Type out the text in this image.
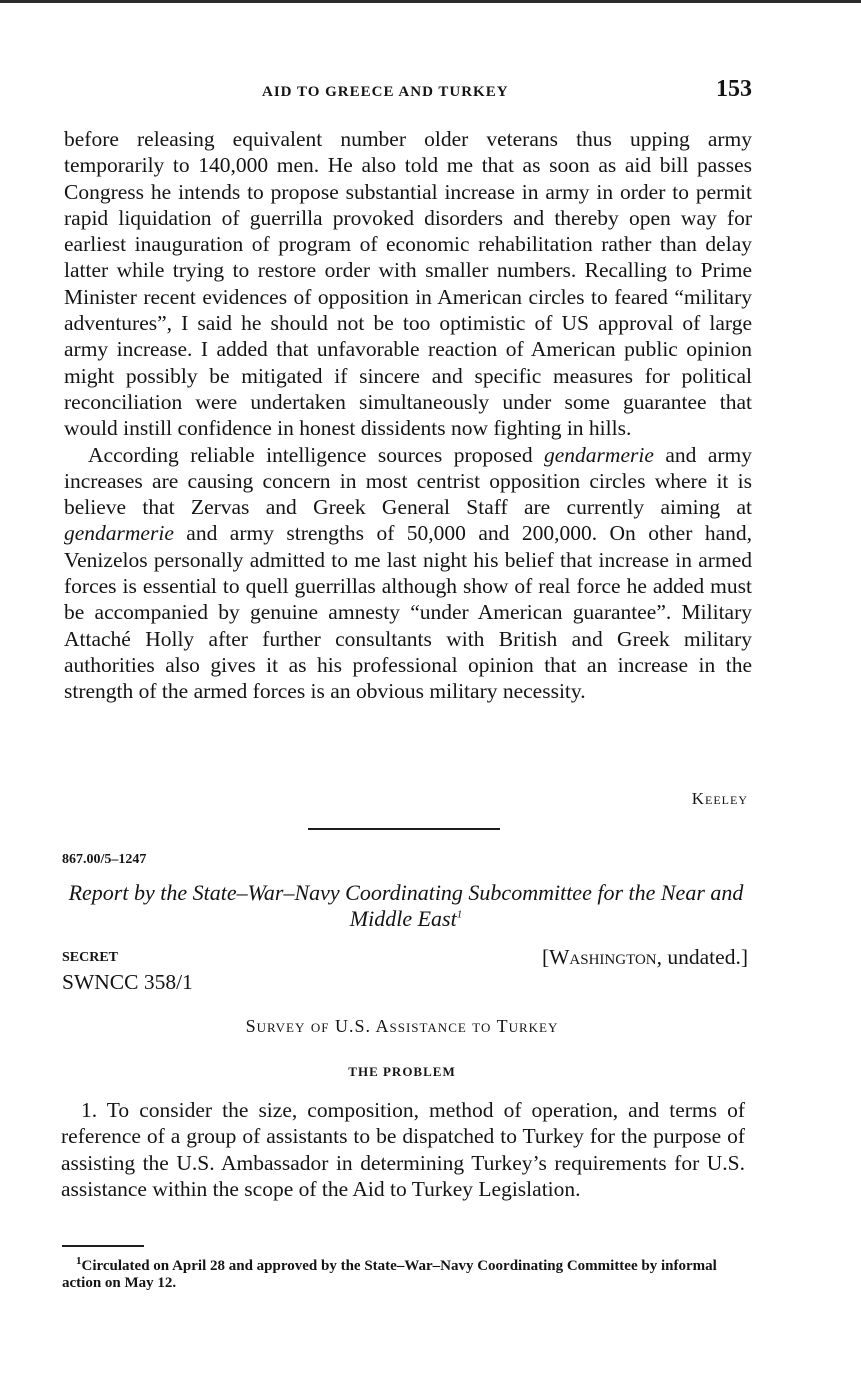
AID TO GREECE AND TURKEY	153

before releasing equivalent number older veterans thus upping army temporarily to 140,000 men. He also told me that as soon as aid bill passes Congress he intends to propose substantial increase in army in order to permit rapid liquidation of guerrilla provoked disorders and thereby open way for earliest inauguration of program of economic rehabilitation rather than delay latter while trying to restore order with smaller numbers. Recalling to Prime Minister recent evidences of opposition in American circles to feared “military adventures”, I said he should not be too optimistic of US approval of large army increase. I added that unfavorable reaction of American public opinion might possibly be mitigated if sincere and specific measures for political reconciliation were undertaken simultaneously under some guarantee that would instill confidence in honest dissidents now fighting in hills.

According reliable intelligence sources proposed gendarmerie and army increases are causing concern in most centrist opposition circles where it is believe that Zervas and Greek General Staff are currently aiming at gendarmerie and army strengths of 50,000 and 200,000. On other hand, Venizelos personally admitted to me last night his belief that increase in armed forces is essential to quell guerrillas although show of real force he added must be accompanied by genuine amnesty “under American guarantee”. Military Attaché Holly after further consultants with British and Greek military authorities also gives it as his professional opinion that an increase in the strength of the armed forces is an obvious military necessity.

Keeley
867.00/5–1247
Report by the State–War–Navy Coordinating Subcommittee for the Near and Middle East$^1$
SECRET	[Washington, undated.]
SWNCC 358/1
Survey of U.S. Assistance to Turkey
THE PROBLEM

1. To consider the size, composition, method of operation, and terms of reference of a group of assistants to be dispatched to Turkey for the purpose of assisting the U.S. Ambassador in determining Turkey’s requirements for U.S. assistance within the scope of the Aid to Turkey Legislation.

$^1$Circulated on April 28 and approved by the State–War–Navy Coordinating Committee by informal action on May 12.
